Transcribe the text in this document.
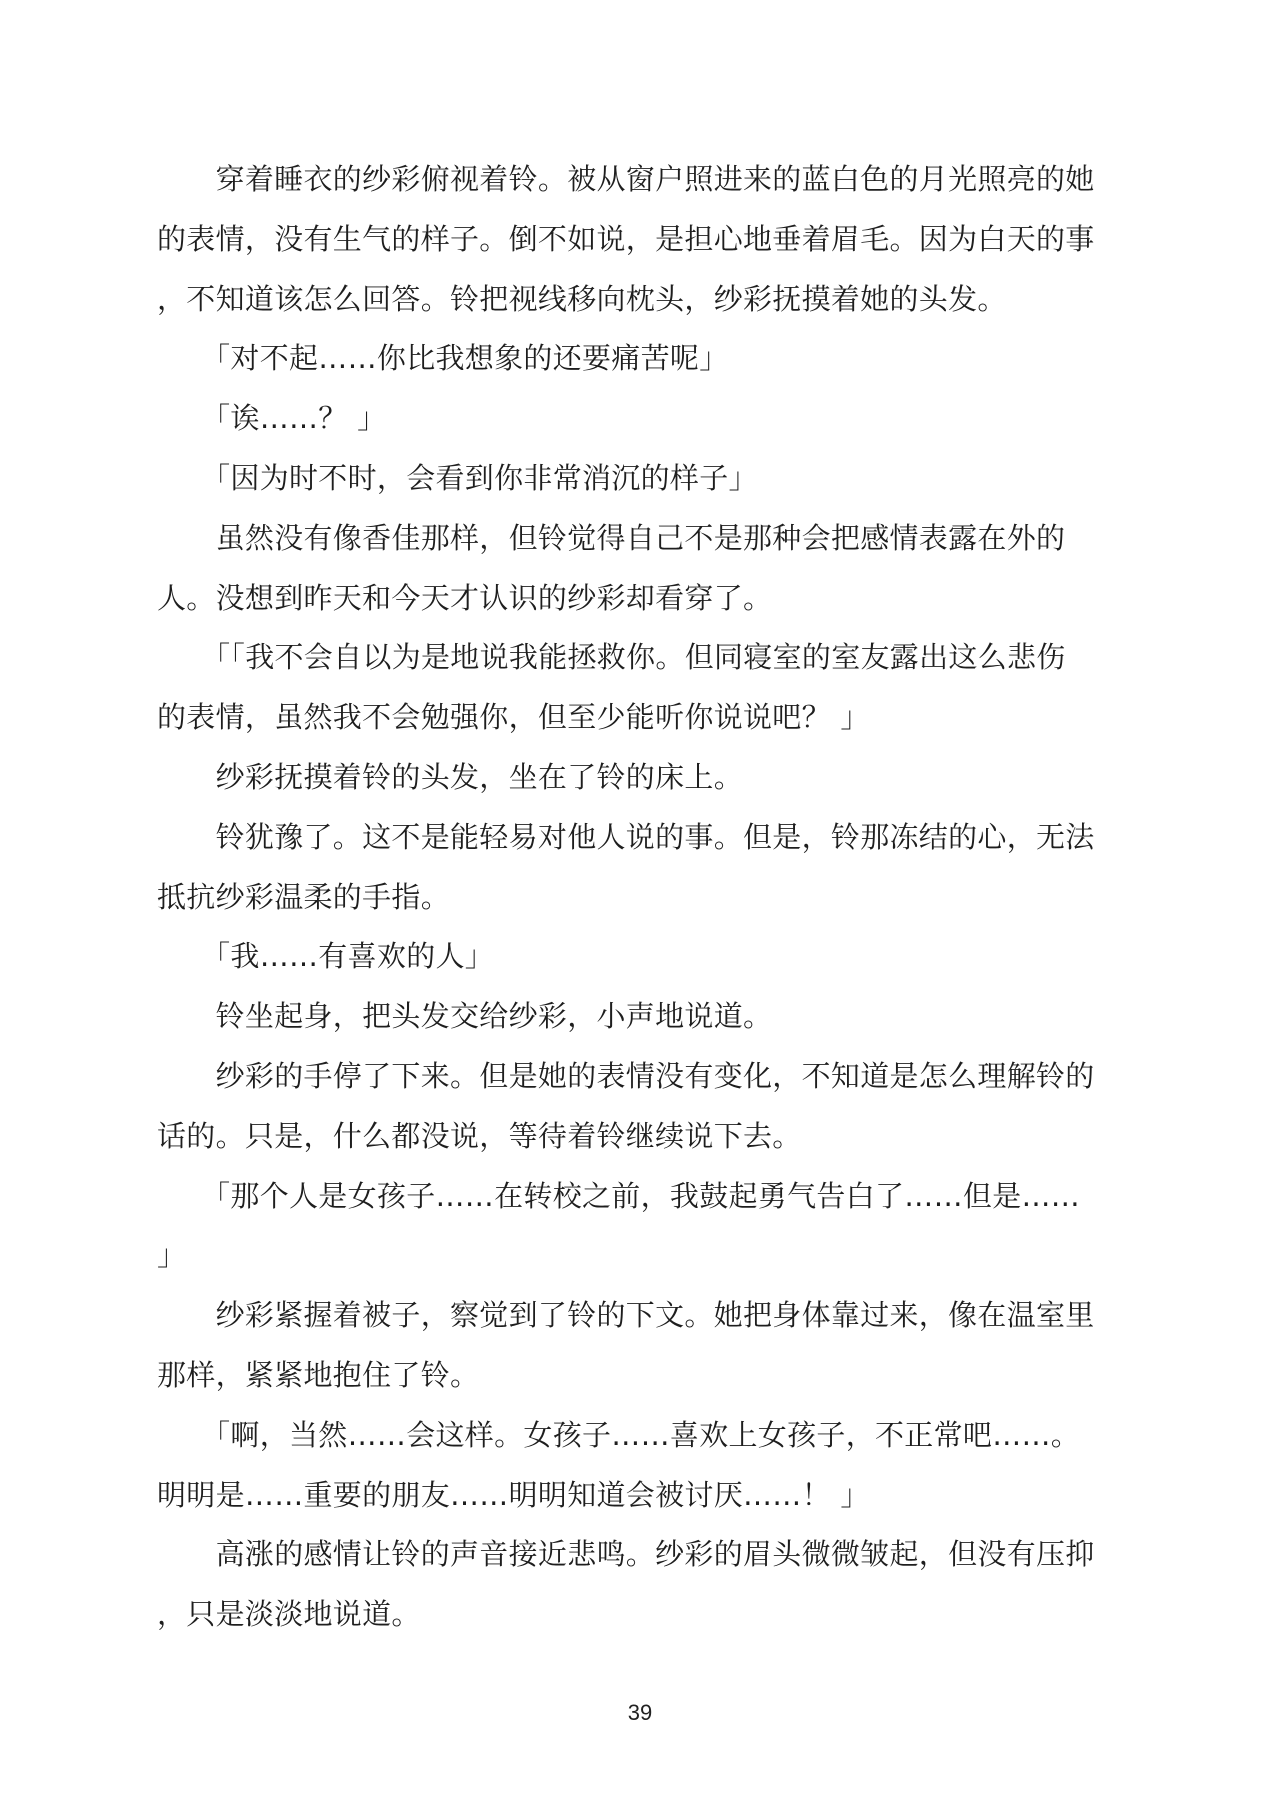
　　穿着睡衣的纱彩俯视着铃。被从窗户照进来的蓝白色的月光照亮的她
的表情，没有生气的样子。倒不如说，是担心地垂着眉毛。因为白天的事
，不知道该怎么回答。铃把视线移向枕头，纱彩抚摸着她的头发。
　　「对不起……你比我想象的还要痛苦呢」
　　「诶……？ 」
　　「因为时不时，会看到你非常消沉的样子」
　　虽然没有像香佳那样，但铃觉得自己不是那种会把感情表露在外的
人。没想到昨天和今天才认识的纱彩却看穿了。
　　「「我不会自以为是地说我能拯救你。但同寝室的室友露出这么悲伤
的表情，虽然我不会勉强你，但至少能听你说说吧？ 」
　　纱彩抚摸着铃的头发，坐在了铃的床上。
　　铃犹豫了。这不是能轻易对他人说的事。但是，铃那冻结的心，无法
抵抗纱彩温柔的手指。
　　「我……有喜欢的人」
　　铃坐起身，把头发交给纱彩，小声地说道。
　　纱彩的手停了下来。但是她的表情没有变化，不知道是怎么理解铃的
话的。只是，什么都没说，等待着铃继续说下去。
　　「那个人是女孩子……在转校之前，我鼓起勇气告白了……但是……
」
　　纱彩紧握着被子，察觉到了铃的下文。她把身体靠过来，像在温室里
那样，紧紧地抱住了铃。
　　「啊，当然……会这样。女孩子……喜欢上女孩子，不正常吧……。
明明是……重要的朋友……明明知道会被讨厌……！ 」
　　高涨的感情让铃的声音接近悲鸣。纱彩的眉头微微皱起，但没有压抑
，只是淡淡地说道。
39
